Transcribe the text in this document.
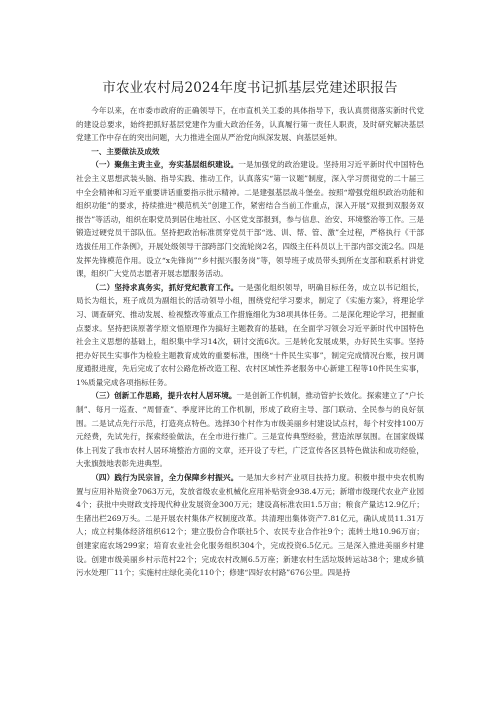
市农业农村局2024年度书记抓基层党建述职报告

今年以来，在市委市政府的正确领导下，在市直机关工委的具体指导下，我认真贯彻落实新时代党的建设总要求，始终把抓好基层党建作为重大政治任务，认真履行第一责任人职责，及时研究解决基层党建工作中存在的突出问题，大力推进全面从严治党向纵深发展、向基层延伸。

一、主要做法及成效

（一）聚焦主责主业，夯实基层组织建设。一是加强党的政治建设。坚持用习近平新时代中国特色社会主义思想武装头脑、指导实践、推动工作，认真落实“第一议题”制度，深入学习贯彻党的二十届三中全会精神和习近平重要讲话重要指示批示精神。二是建强基层战斗堡垒。按照“增强党组织政治功能和组织功能”的要求，持续推进“模范机关”创建工作，紧密结合当前工作重点，深入开展“双报到双服务双报告”等活动，组织在职党员到居住地社区、小区党支部报到，参与信息、治安、环境整治等工作。三是锻造过硬党员干部队伍。坚持把政治标准贯穿党员干部“选、训、帮、管、激”全过程，严格执行《干部选拔任用工作条例》，开展处级领导干部跨部门交流轮岗2名，四级主任科员以上干部内部交流2名。四是发挥先锋模范作用。设立“x先锋岗”“乡村振兴服务岗”等，领导班子成员带头到所在支部和联系村讲党课，组织广大党员志愿者开展志愿服务活动。

（二）坚持求真务实，抓好党纪教育工作。一是强化组织领导，明确目标任务，成立以书记组长，局长为组长，班子成员为副组长的活动领导小组，围绕党纪学习要求，制定了《实施方案》，将理论学习、调查研究、推动发展、检视整改等重点工作措施细化为38项具体任务。二是深化理论学习，把握重点要求。坚持把读原著学原文悟原理作为搞好主题教育的基础，在全面学习领会习近平新时代中国特色社会主义思想的基础上，组织集中学习14次，研讨交流6次。三是转化发展成果，办好民生实事。坚持把办好民生实事作为检验主题教育成效的重要标准，围绕“十件民生实事”，制定完成情况台账，按月调度通报进度，先后完成了农村公路危桥改造工程、农村区域性养老服务中心新建工程等10件民生实事，1%质量完成各项指标任务。

（三）创新工作思路，提升农村人居环境。一是创新工作机制，推动管护长效化。探索建立了“户长制”、每月一巡查、“周督查”、季度评比的工作机制，形成了政府主导、部门联动、全民参与的良好氛围。二是试点先行示范，打造亮点特色。选择30个村作为市级美丽乡村建设试点村，每个村安排100万元经费，先试先行，探索经验做法，在全市进行推广。三是宣传典型经验，营造浓厚氛围。在国家级媒体上刊发了我市农村人居环境整治方面的文章，还开设了专栏，广泛宣传各区县特色做法和成功经验，大张旗鼓地表彰先进典型。

（四）践行为民宗旨，全力保障乡村振兴。一是加大乡村产业项目扶持力度。积极申报中央农机购置与应用补贴资金7063万元，发放省级农业机械化应用补贴资金938.4万元；新增市级现代农业产业园4个；获批中央财政支持现代种业发展资金300万元；建设高标准农田1.5万亩；粮食产量达12.9亿斤；生猪出栏269万头。二是开展农村集体产权制度改革。共清理出集体资产7.81亿元，确认成员11.31万人；成立村集体经济组织612个；建立股份合作联社5个、农民专业合作社9个；流转土地10.96万亩；创建家庭农场299家；培育农业社会化服务组织304个，完成投资6.5亿元。三是深入推进美丽乡村建设。创建市级美丽乡村示范村22个；完成农村改厕6.5万座；新建农村生活垃圾转运站38个；建成乡镇污水处理厂11个；实施村庄绿化美化110个；修建“四好农村路”676公里。四是持
